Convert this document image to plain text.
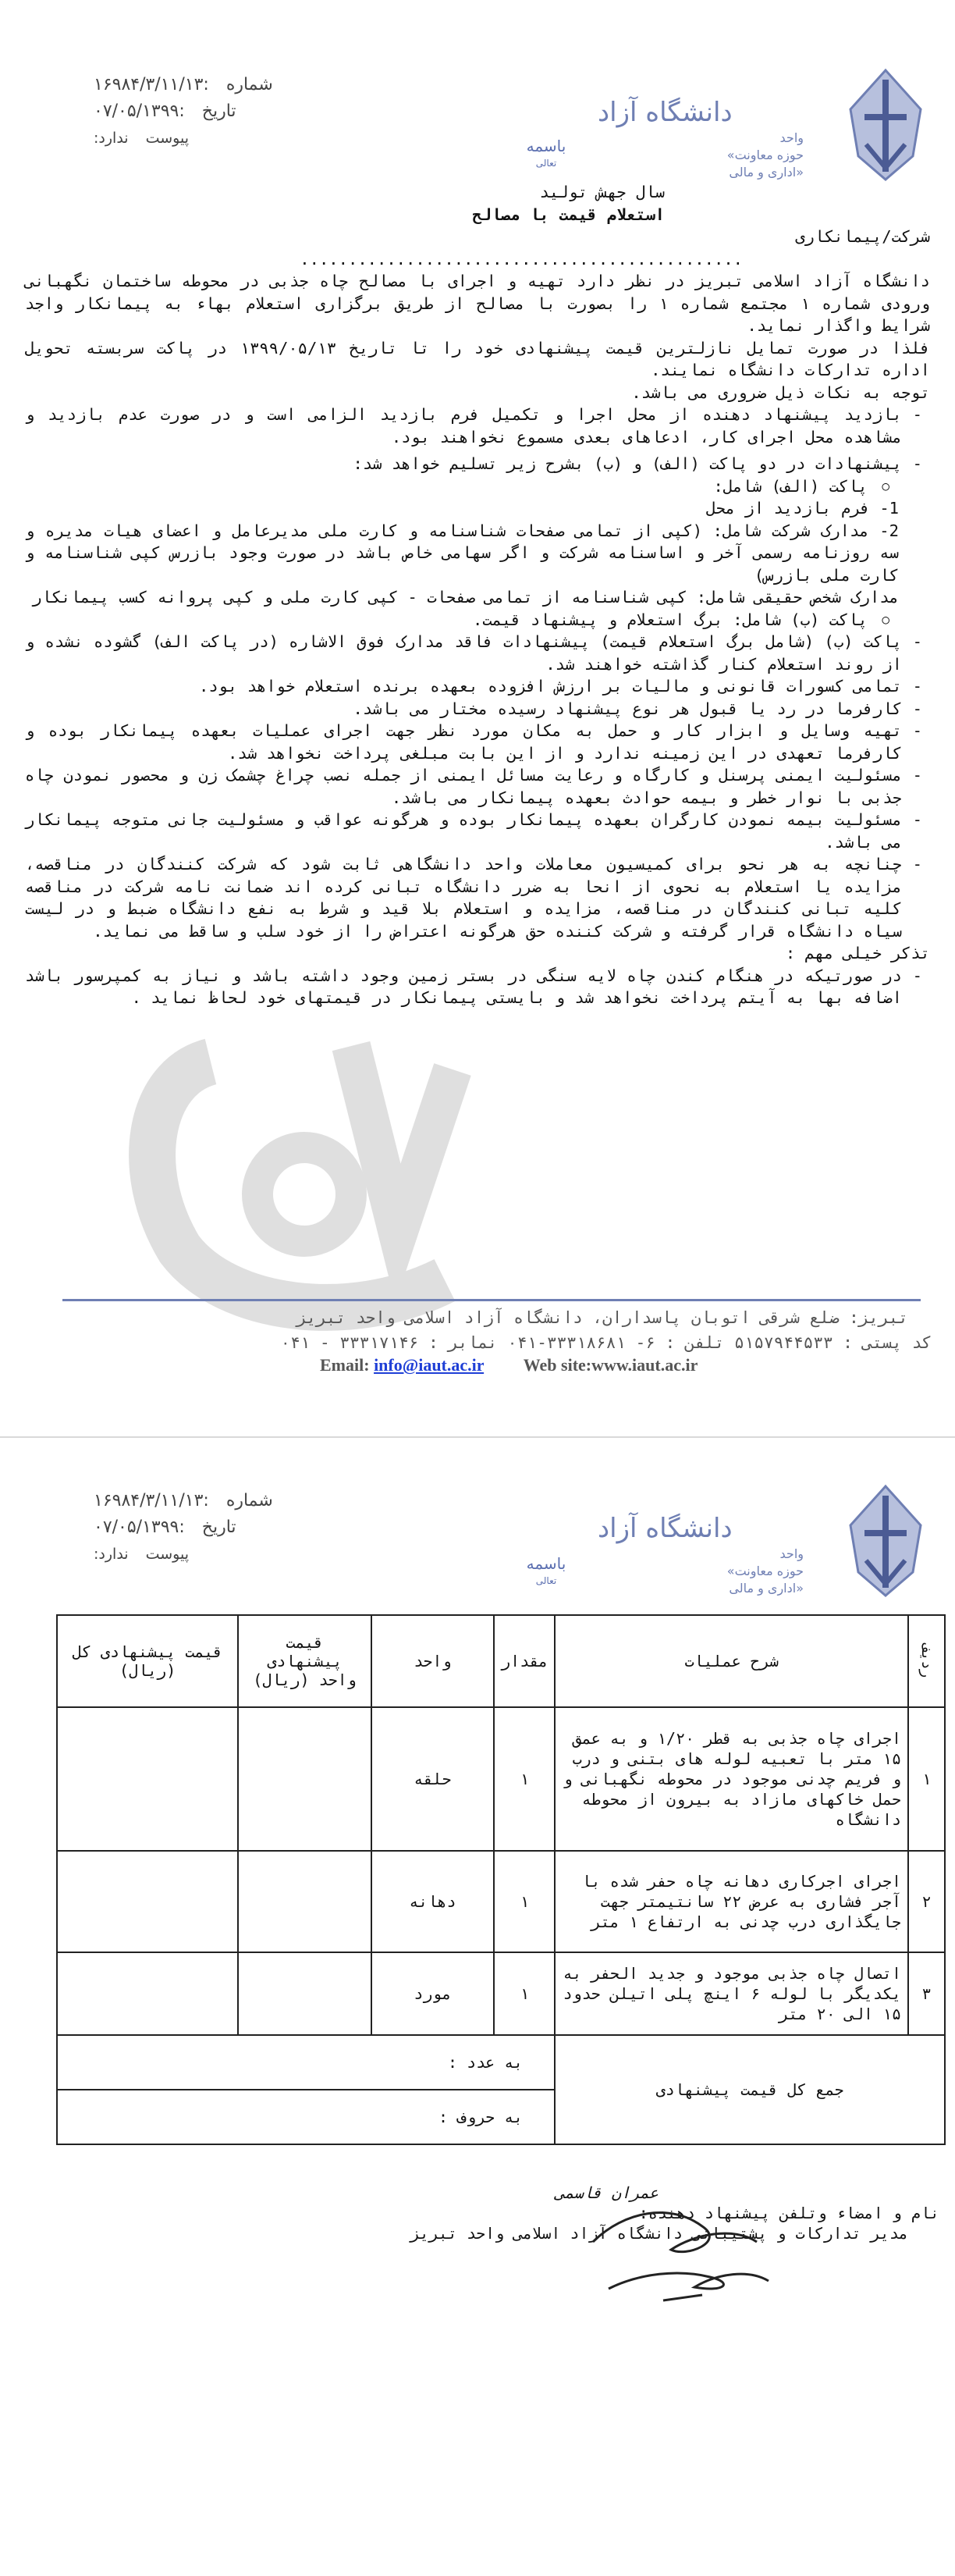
دانشگاه آزاد
واحد
«حوزه معاونت
اداری و مالی»
باسمه
تعالی
۱۶۹۸۴/۳/۱۱/۱۳: شماره
۰۷/۰۵/۱۳۹۹: تاریخ
:ندارد پیوست

سال جهش تولید

استعلام قیمت با مصالح

شرکت/پیمانکاری

..............................................

دانشگاه آزاد اسلامی تبریز در نظر دارد تهیه و اجرای با مصالح چاه جذبی در محوطه ساختمان نگهبانی ورودی شماره ۱ مجتمع شماره ۱ را بصورت با مصالح از طریق برگزاری استعلام بهاء به پیمانکار واجد شرایط واگذار نماید.

فلذا در صورت تمایل نازلترین قیمت پیشنهادی خود را تا تاریخ ۱۳۹۹/۰۵/۱۳ در پاکت سربسته تحویل اداره تداركات دانشگاه نمایند.

توجه به نكات ذیل ضروری می باشد.

- بازدید پیشنهاد دهنده از محل اجرا و تکمیل فرم بازدید الزامی است و در صورت عدم بازدید و مشاهده محل اجرای کار، ادعاهای بعدی مسموع نخواهند بود.

- پیشنهادات در دو پاکت (الف) و (ب) بشرح زیر تسلیم خواهد شد:

○ پاکت (الف) شامل:

1- فرم بازدید از محل

2- مدارک شرکت شامل: (کپی از تمامی صفحات شناسنامه و کارت ملی مدیرعامل و اعضای هیات مدیره و سه روزنامه رسمی آخر و اساسنامه شرکت و اگر سهامی خاص باشد در صورت وجود بازرس کپی شناسنامه و کارت ملی بازرس)

مدارک شخص حقیقی شامل: کپی شناسنامه از تمامی صفحات - کپی کارت ملی و کپی پروانه کسب پیمانکار

○ پاکت (ب) شامل: برگ استعلام و پیشنهاد قیمت.

- پاکت (ب) (شامل برگ استعلام قیمت) پیشنهادات فاقد مدارک فوق الاشاره (در پاکت الف) گشوده نشده و از روند استعلام کنار گذاشته خواهند شد.

- تمامی کسورات قانونی و مالیات بر ارزش افزوده بعهده برنده استعلام خواهد بود.

- کارفرما در رد یا قبول هر نوع پیشنهاد رسیده مختار می باشد.

- تهیه وسایل و ابزار کار و حمل به مکان مورد نظر جهت اجرای عملیات بعهده پیمانکار بوده و کارفرما تعهدی در این زمینه ندارد و از این بابت مبلغی پرداخت نخواهد شد.

- مسئولیت ایمنی پرسنل و کارگاه و رعایت مسائل ایمنی از جمله نصب چراغ چشمک زن و محصور نمودن چاه جذبی با نوار خطر و بیمه حوادث بعهده پیمانکار می باشد.

- مسئولیت بیمه نمودن کارگران بعهده پیمانکار بوده و هرگونه عواقب و مسئولیت جانی متوجه پیمانکار می باشد.

- چنانچه به هر نحو برای کمیسیون معاملات واحد دانشگاهی ثابت شود که شرکت کنندگان در مناقصه، مزایده یا استعلام به نحوی از انحا به ضرر دانشگاه تبانی کرده اند ضمانت نامه شرکت در مناقصه کلیه تبانی کنندگان در مناقصه، مزایده و استعلام بلا قید و شرط به نفع دانشگاه ضبط و در لیست سیاه دانشگاه قرار گرفته و شرکت کننده حق هرگونه اعتراض را از خود سلب و ساقط می نماید.

تذکر خیلی مهم :

- در صورتیکه در هنگام کندن چاه لایه سنگی در بستر زمین وجود داشته باشد و نیاز به کمپرسور باشد اضافه بها به آیتم پرداخت نخواهد شد و بایستی پیمانکار در قیمتهای خود لحاظ نماید .

تبریز: ضلع شرقی اتوبان پاسداران، دانشگاه آزاد اسلامی واحد تبریز
کد پستی : ۵۱۵۷۹۴۴۵۳۳ تلفن : ۶- ۳۳۳۱۸۶۸۱-۰۴۱ نمابر : ۳۳۳۱۷۱۴۶ - ۰۴۱
Email: info@iaut.ac.ir Web site:www.iaut.ac.ir
دانشگاه آزاد
واحد
«حوزه معاونت
اداری و مالی»
باسمه
تعالی
۱۶۹۸۴/۳/۱۱/۱۳: شماره
۰۷/۰۵/۱۳۹۹: تاریخ
:ندارد پیوست
ردیف	شرح عملیات	مقدار	واحد	قیمت پیشنهادی واحد (ریال)	قیمت پیشنهادی کل (ریال)
۱	اجرای چاه جذبی به قطر ۱/۲۰ و به عمق ۱۵ متر با تعبیه لوله های بتنی و درب و فریم چدنی موجود در محوطه نگهبانی و حمل خاکهای مازاد به بیرون از محوطه دانشگاه	۱	حلقه		
۲	اجرای اجرکاری دهانه چاه حفر شده با آجر فشاری به عرض ۲۲ سانتیمتر جهت جایگذاری درب چدنی به ارتفاع ۱ متر	۱	دهانه		
۳	اتصال چاه جذبی موجود و جدید الحفر به یکدیگر با لوله ۶ اینچ پلی اتیلن حدود ۱۵ الی ۲۰ متر	۱	مورد		
جمع کل قیمت پیشنهادی		به عدد :			
		به حروف :			
عمران قاسمی
نام و امضاء وتلفن پیشنهاد دهنده:
مدیر تدارکات و پشتیبانی دانشگاه آزاد اسلامی واحد تبریز
